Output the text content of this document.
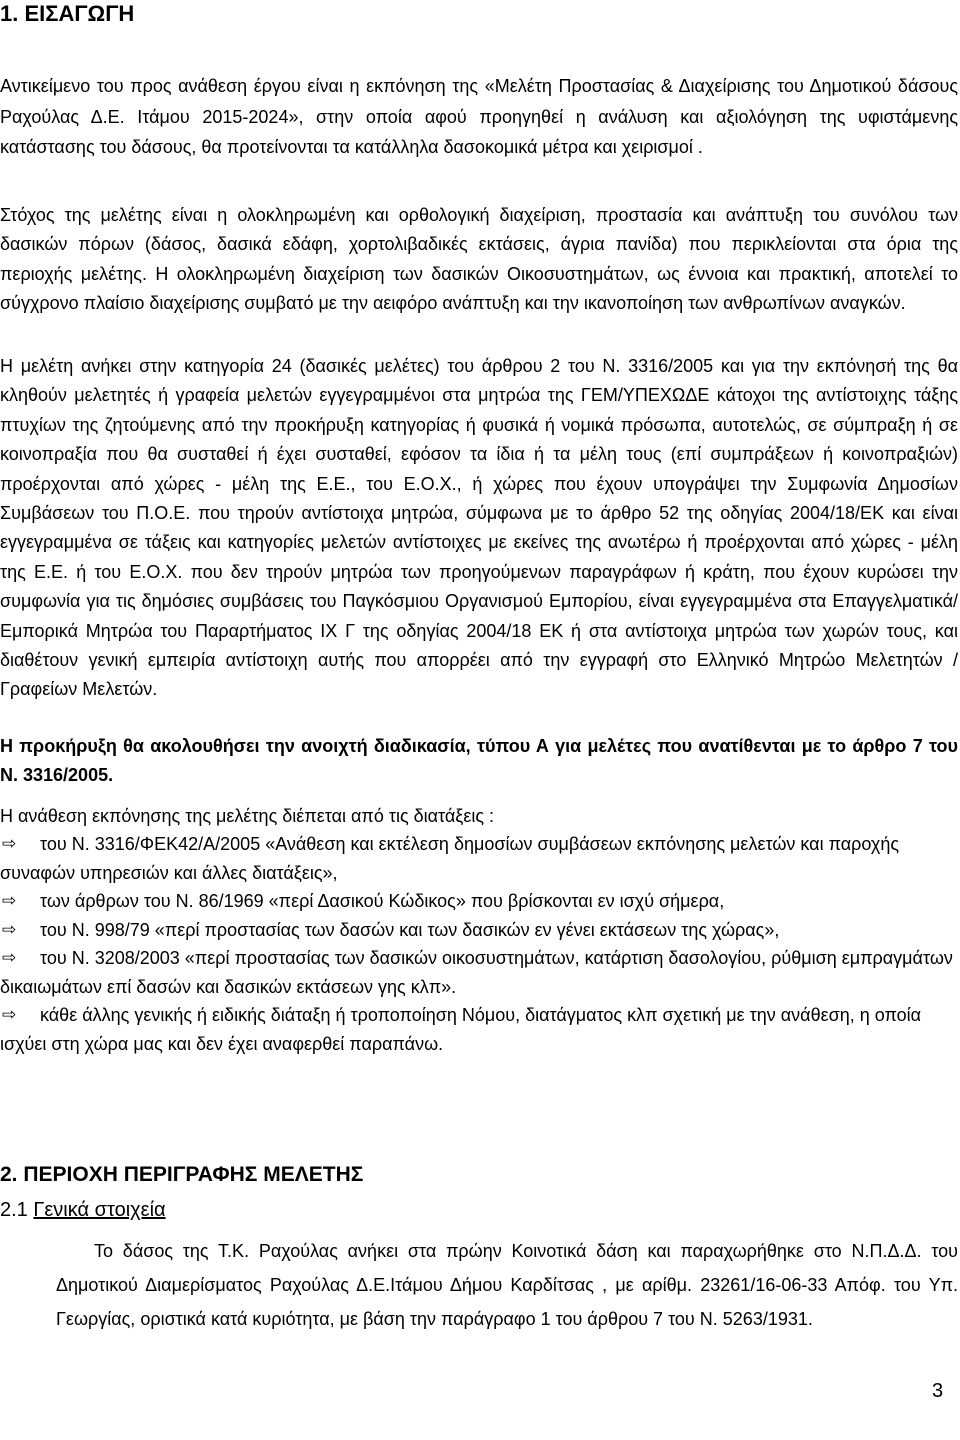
1. ΕΙΣΑΓΩΓΗ
Αντικείμενο του προς ανάθεση έργου είναι η εκπόνηση της «Μελέτη Προστασίας & Διαχείρισης του Δημοτικού δάσους Ραχούλας Δ.Ε. Ιτάμου 2015-2024», στην οποία αφού προηγηθεί η ανάλυση και αξιολόγηση της υφιστάμενης κατάστασης του δάσους, θα προτείνονται τα κατάλληλα δασοκομικά μέτρα και χειρισμοί .
Στόχος της μελέτης είναι η ολοκληρωμένη και ορθολογική διαχείριση, προστασία και ανάπτυξη του συνόλου των δασικών πόρων (δάσος, δασικά εδάφη, χορτολιβαδικές εκτάσεις, άγρια πανίδα) που περικλείονται στα όρια της περιοχής μελέτης. Η ολοκληρωμένη διαχείριση των δασικών Οικοσυστημάτων, ως έννοια και πρακτική, αποτελεί το σύγχρονο πλαίσιο διαχείρισης συμβατό με την αειφόρο ανάπτυξη και την ικανοποίηση των ανθρωπίνων αναγκών.
Η μελέτη ανήκει στην κατηγορία 24 (δασικές μελέτες) του άρθρου 2 του Ν. 3316/2005 και για την εκπόνησή της θα κληθούν μελετητές ή γραφεία μελετών εγγεγραμμένοι στα μητρώα της ΓΕΜ/ΥΠΕΧΩΔΕ κάτοχοι της αντίστοιχης τάξης πτυχίων της ζητούμενης από την προκήρυξη κατηγορίας ή φυσικά ή νομικά πρόσωπα, αυτοτελώς, σε σύμπραξη ή σε κοινοπραξία που θα συσταθεί ή έχει συσταθεί, εφόσον τα ίδια ή τα μέλη τους (επί συμπράξεων ή κοινοπραξιών) προέρχονται από χώρες - μέλη της Ε.Ε., του Ε.Ο.Χ., ή χώρες που έχουν υπογράψει την Συμφωνία Δημοσίων Συμβάσεων του Π.Ο.Ε. που τηρούν αντίστοιχα μητρώα, σύμφωνα με το άρθρο 52 της οδηγίας 2004/18/ΕΚ και είναι εγγεγραμμένα σε τάξεις και κατηγορίες μελετών αντίστοιχες με εκείνες της ανωτέρω ή προέρχονται από χώρες - μέλη της Ε.Ε. ή του Ε.Ο.Χ. που δεν τηρούν μητρώα των προηγούμενων παραγράφων ή κράτη, που έχουν κυρώσει την συμφωνία για τις δημόσιες συμβάσεις του Παγκόσμιου Οργανισμού Εμπορίου, είναι εγγεγραμμένα στα Επαγγελματικά/ Εμπορικά Μητρώα του Παραρτήματος ΙΧ Γ της οδηγίας 2004/18 ΕΚ ή στα αντίστοιχα μητρώα των χωρών τους, και διαθέτουν γενική εμπειρία αντίστοιχη αυτής που απορρέει από την εγγραφή στο Ελληνικό Μητρώο Μελετητών / Γραφείων Μελετών.
Η προκήρυξη θα ακολουθήσει την ανοιχτή διαδικασία, τύπου Α για μελέτες που ανατίθενται με το άρθρο 7 του Ν. 3316/2005.
Η ανάθεση εκπόνησης της μελέτης διέπεται από τις διατάξεις :
⇨	του Ν. 3316/ΦΕΚ42/Α/2005 «Ανάθεση και εκτέλεση δημοσίων συμβάσεων εκπόνησης μελετών και παροχής συναφών υπηρεσιών και άλλες διατάξεις»,
⇨	των άρθρων του Ν. 86/1969 «περί Δασικού Κώδικος» που βρίσκονται εν ισχύ σήμερα,
⇨	του Ν. 998/79 «περί προστασίας των δασών και των δασικών εν γένει εκτάσεων της χώρας»,
⇨	του Ν. 3208/2003 «περί προστασίας των δασικών οικοσυστημάτων, κατάρτιση δασολογίου, ρύθμιση εμπραγμάτων δικαιωμάτων επί δασών και δασικών εκτάσεων γης κλπ».
⇨	κάθε άλλης γενικής ή ειδικής διάταξη ή τροποποίηση Νόμου, διατάγματος κλπ σχετική με την ανάθεση, η οποία ισχύει στη χώρα μας και δεν έχει αναφερθεί παραπάνω.
2. ΠΕΡΙΟΧΗ ΠΕΡΙΓΡΑΦΗΣ ΜΕΛΕΤΗΣ
2.1 Γενικά στοιχεία
Το δάσος της Τ.Κ. Ραχούλας ανήκει στα πρώην Κοινοτικά δάση και παραχωρήθηκε στο Ν.Π.Δ.Δ. του Δημοτικού Διαμερίσματος Ραχούλας Δ.Ε.Ιτάμου Δήμου Καρδίτσας , με αρίθμ. 23261/16-06-33 Απόφ. του Υπ. Γεωργίας, οριστικά κατά κυριότητα, με βάση την παράγραφο 1 του άρθρου 7 του Ν. 5263/1931.
3
